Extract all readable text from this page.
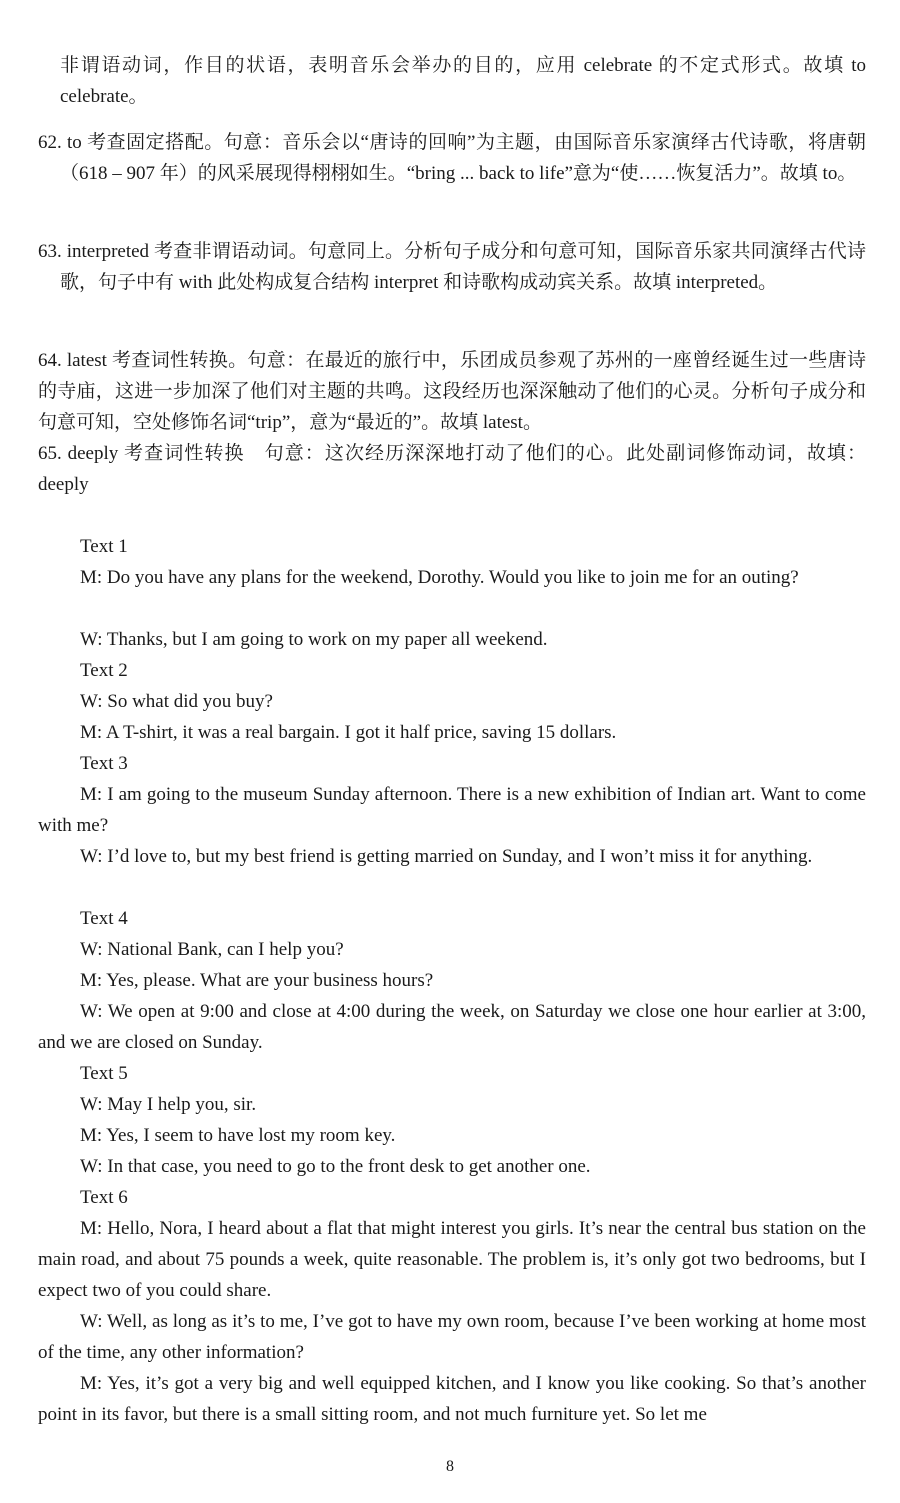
非谓语动词，作目的状语，表明音乐会举办的目的，应用 celebrate 的不定式形式。故填 to celebrate。

62. to 考查固定搭配。句意：音乐会以“唐诗的回响”为主题，由国际音乐家演绎古代诗歌，将唐朝（618 – 907 年）的风采展现得栩栩如生。“bring ... back to life”意为“使……恢复活力”。故填 to。

63. interpreted 考查非谓语动词。句意同上。分析句子成分和句意可知，国际音乐家共同演绎古代诗歌，句子中有 with 此处构成复合结构 interpret 和诗歌构成动宾关系。故填 interpreted。

64. latest 考查词性转换。句意：在最近的旅行中，乐团成员参观了苏州的一座曾经诞生过一些唐诗的寺庙，这进一步加深了他们对主题的共鸣。这段经历也深深触动了他们的心灵。分析句子成分和句意可知，空处修饰名词“trip”，意为“最近的”。故填 latest。

65. deeply 考查词性转换　句意：这次经历深深地打动了他们的心。此处副词修饰动词，故填：deeply

Text 1

M: Do you have any plans for the weekend, Dorothy. Would you like to join me for an outing?

W: Thanks, but I am going to work on my paper all weekend.

Text 2

W: So what did you buy?

M: A T-shirt, it was a real bargain. I got it half price, saving 15 dollars.

Text 3

M: I am going to the museum Sunday afternoon. There is a new exhibition of Indian art. Want to come with me?

W: I’d love to, but my best friend is getting married on Sunday, and I won’t miss it for anything.

Text 4

W: National Bank, can I help you?

M: Yes, please. What are your business hours?

W: We open at 9:00 and close at 4:00 during the week, on Saturday we close one hour earlier at 3:00, and we are closed on Sunday.

Text 5

W: May I help you, sir.

M: Yes, I seem to have lost my room key.

W: In that case, you need to go to the front desk to get another one.

Text 6

M: Hello, Nora, I heard about a flat that might interest you girls. It’s near the central bus station on the main road, and about 75 pounds a week, quite reasonable. The problem is, it’s only got two bedrooms, but I expect two of you could share.

W: Well, as long as it’s to me, I’ve got to have my own room, because I’ve been working at home most of the time, any other information?

M: Yes, it’s got a very big and well equipped kitchen, and I know you like cooking. So that’s another point in its favor, but there is a small sitting room, and not much furniture yet. So let me

8
